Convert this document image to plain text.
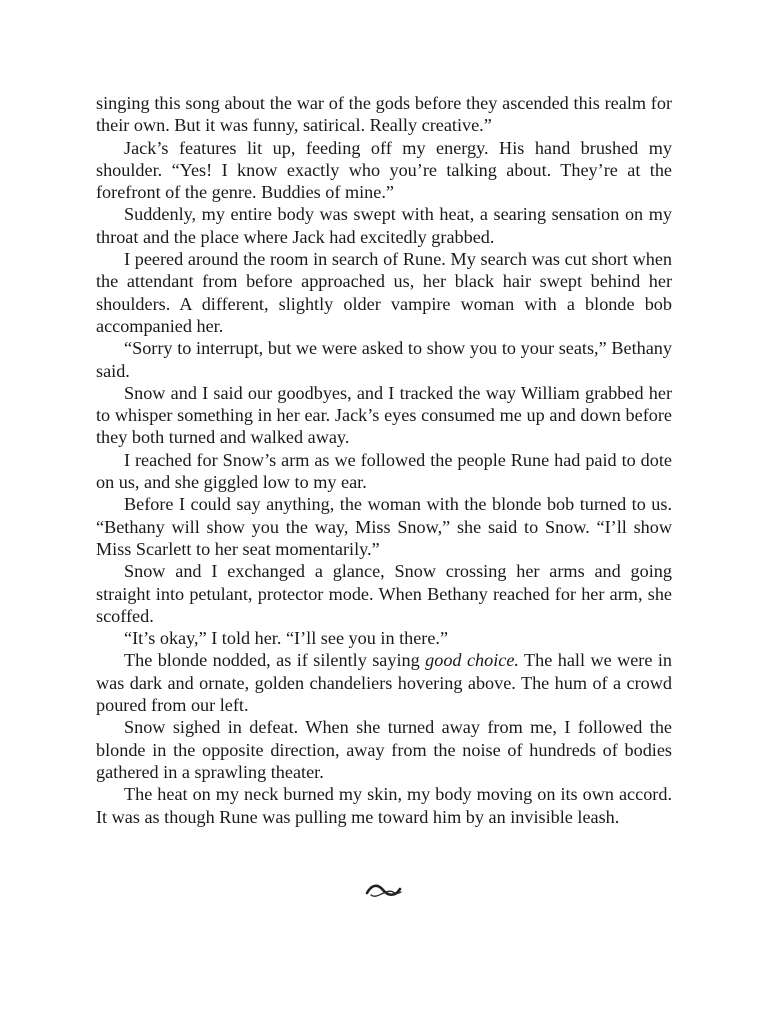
singing this song about the war of the gods before they ascended this realm for their own. But it was funny, satirical. Really creative.”

Jack’s features lit up, feeding off my energy. His hand brushed my shoulder. “Yes! I know exactly who you’re talking about. They’re at the forefront of the genre. Buddies of mine.”

Suddenly, my entire body was swept with heat, a searing sensation on my throat and the place where Jack had excitedly grabbed.

I peered around the room in search of Rune. My search was cut short when the attendant from before approached us, her black hair swept behind her shoulders. A different, slightly older vampire woman with a blonde bob accompanied her.

“Sorry to interrupt, but we were asked to show you to your seats,” Bethany said.

Snow and I said our goodbyes, and I tracked the way William grabbed her to whisper something in her ear. Jack’s eyes consumed me up and down before they both turned and walked away.

I reached for Snow’s arm as we followed the people Rune had paid to dote on us, and she giggled low to my ear.

Before I could say anything, the woman with the blonde bob turned to us. “Bethany will show you the way, Miss Snow,” she said to Snow. “I’ll show Miss Scarlett to her seat momentarily.”

Snow and I exchanged a glance, Snow crossing her arms and going straight into petulant, protector mode. When Bethany reached for her arm, she scoffed.

“It’s okay,” I told her. “I’ll see you in there.”

The blonde nodded, as if silently saying good choice. The hall we were in was dark and ornate, golden chandeliers hovering above. The hum of a crowd poured from our left.

Snow sighed in defeat. When she turned away from me, I followed the blonde in the opposite direction, away from the noise of hundreds of bodies gathered in a sprawling theater.

The heat on my neck burned my skin, my body moving on its own accord. It was as though Rune was pulling me toward him by an invisible leash.
